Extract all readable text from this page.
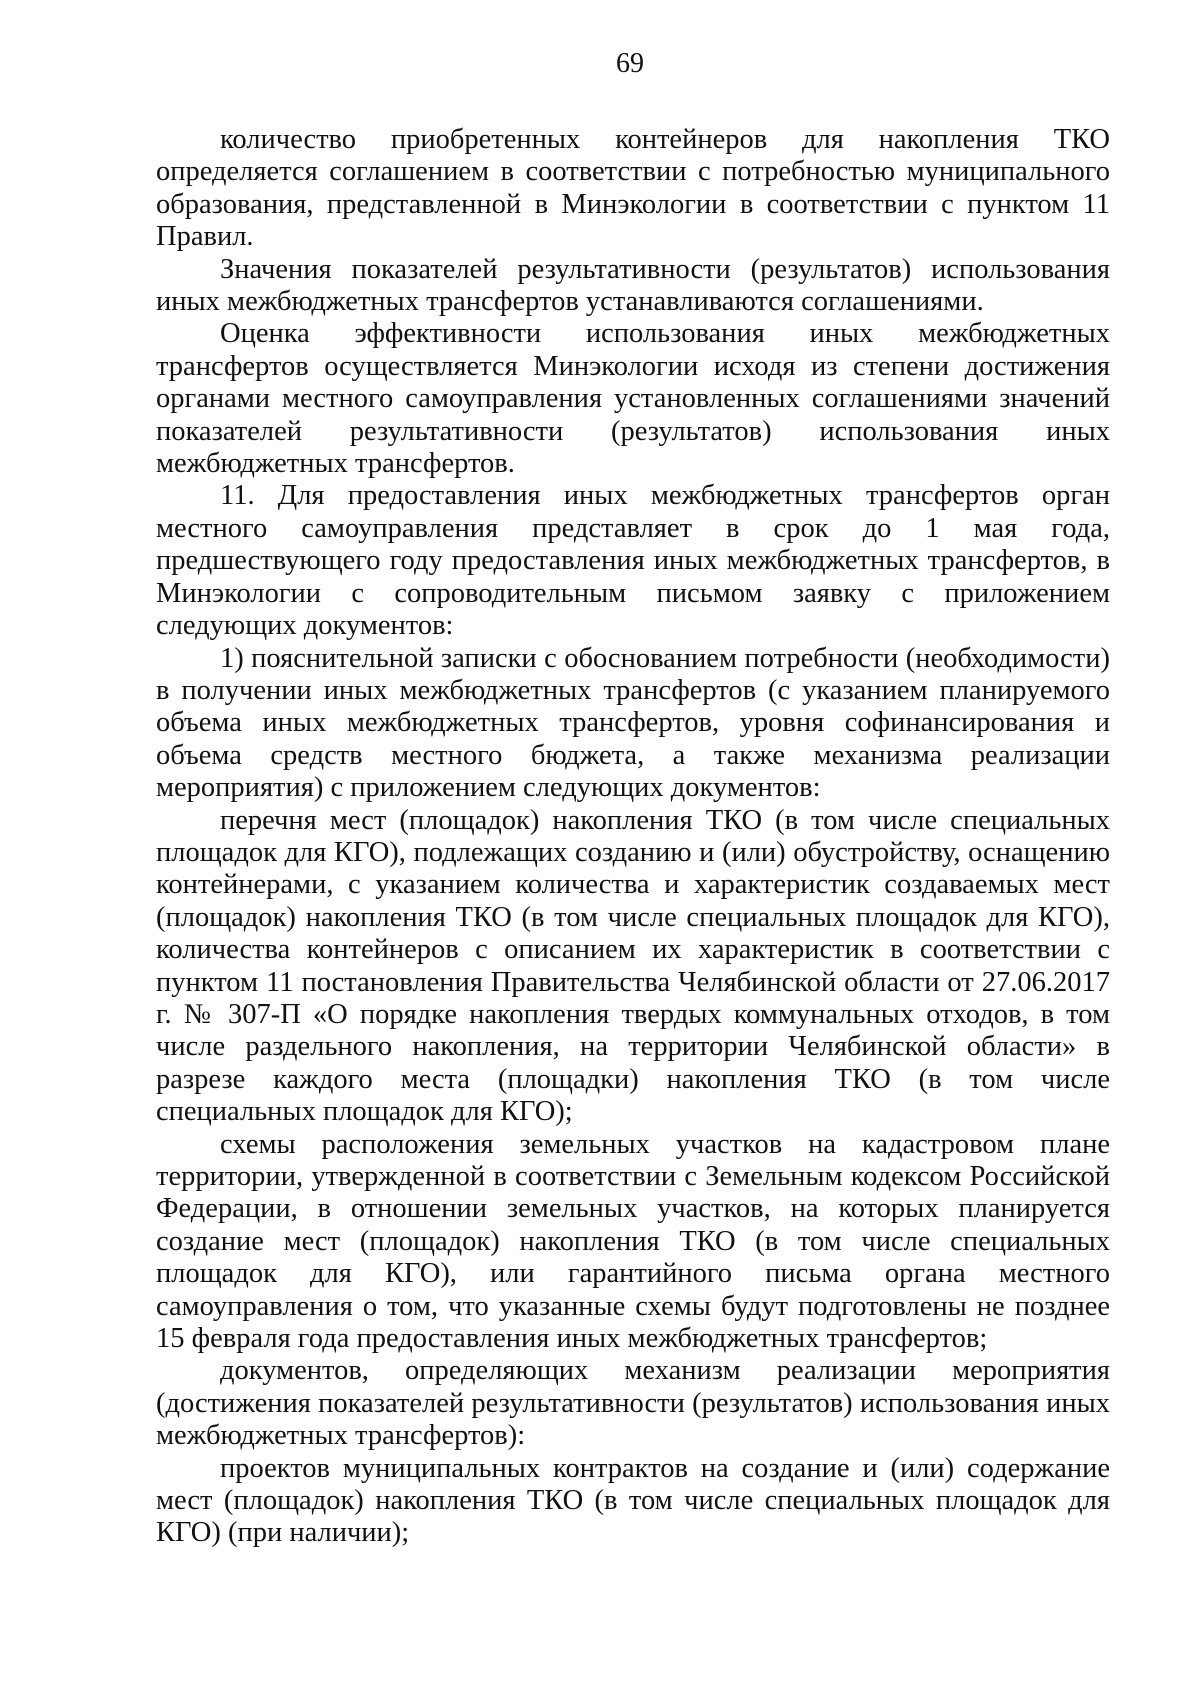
69

количество приобретенных контейнеров для накопления ТКО определяется соглашением в соответствии с потребностью муниципального образования, представленной в Минэкологии в соответствии с пунктом 11 Правил.

Значения показателей результативности (результатов) использования иных межбюджетных трансфертов устанавливаются соглашениями.

Оценка эффективности использования иных межбюджетных трансфертов осуществляется Минэкологии исходя из степени достижения органами местного самоуправления установленных соглашениями значений показателей результативности (результатов) использования иных межбюджетных трансфертов.

11. Для предоставления иных межбюджетных трансфертов орган местного самоуправления представляет в срок до 1 мая года, предшествующего году предоставления иных межбюджетных трансфертов, в Минэкологии с сопроводительным письмом заявку с приложением следующих документов:

1) пояснительной записки с обоснованием потребности (необходимости) в получении иных межбюджетных трансфертов (с указанием планируемого объема иных межбюджетных трансфертов, уровня софинансирования и объема средств местного бюджета, а также механизма реализации мероприятия) с приложением следующих документов:

перечня мест (площадок) накопления ТКО (в том числе специальных площадок для КГО), подлежащих созданию и (или) обустройству, оснащению контейнерами, с указанием количества и характеристик создаваемых мест (площадок) накопления ТКО (в том числе специальных площадок для КГО), количества контейнеров с описанием их характеристик в соответствии с пунктом 11 постановления Правительства Челябинской области от 27.06.2017 г. № 307-П «О порядке накопления твердых коммунальных отходов, в том числе раздельного накопления, на территории Челябинской области» в разрезе каждого места (площадки) накопления ТКО (в том числе специальных площадок для КГО);

схемы расположения земельных участков на кадастровом плане территории, утвержденной в соответствии с Земельным кодексом Российской Федерации, в отношении земельных участков, на которых планируется создание мест (площадок) накопления ТКО (в том числе специальных площадок для КГО), или гарантийного письма органа местного самоуправления о том, что указанные схемы будут подготовлены не позднее 15 февраля года предоставления иных межбюджетных трансфертов;

документов, определяющих механизм реализации мероприятия (достижения показателей результативности (результатов) использования иных межбюджетных трансфертов):

проектов муниципальных контрактов на создание и (или) содержание мест (площадок) накопления ТКО (в том числе специальных площадок для КГО) (при наличии);
